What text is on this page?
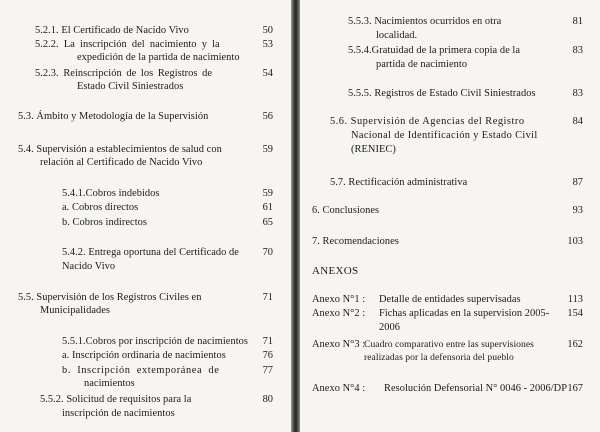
5.2.1. El Certificado de Nacido Vivo	50
5.2.2. La inscripción del nacimiento y la	53
expedición de la partida de nacimiento
5.2.3. Reinscripción de los Registros de	54
Estado Civil Siniestrados
5.3. Ámbito y Metodología de la Supervisión	56
5.4. Supervisión a establecimientos de salud con	59
relación al Certificado de Nacido Vivo
5.4.1.Cobros indebidos	59
a. Cobros directos	61
b. Cobros indirectos	65
5.4.2. Entrega oportuna del Certificado de 70
Nacido Vivo
5.5. Supervisión de los Registros Civiles en	71
Municipalidades
5.5.1.Cobros por inscripción de nacimientos 71
a. Inscripción ordinaria de nacimientos	76
b. Inscripción extemporánea de	77
nacimientos
5.5.2. Solicitud de requisitos para la	80
inscripción de nacimientos
5.5.3. Nacimientos ocurridos en otra	81
localidad.
5.5.4.Gratuidad de la primera copia de la	83
partida de nacimiento
5.5.5. Registros de Estado Civil Siniestrados	83
5.6. Supervisión de Agencias del Registro	84
Nacional de Identificación y Estado Civil
(RENIEC)
5.7. Rectificación administrativa	87
6. Conclusiones	93
7. Recomendaciones	103
ANEXOS
Anexo N°1 : Detalle de entidades supervisadas	113
Anexo N°2 : Fichas aplicadas en la supervision 2005- 154
2006
Anexo N°3 :
Cuadro comparativo entre las supervisiones	162
realizadas por la defensoria del pueblo
Anexo N°4 : Resolución Defensorial N° 0046 - 2006/DP 167
